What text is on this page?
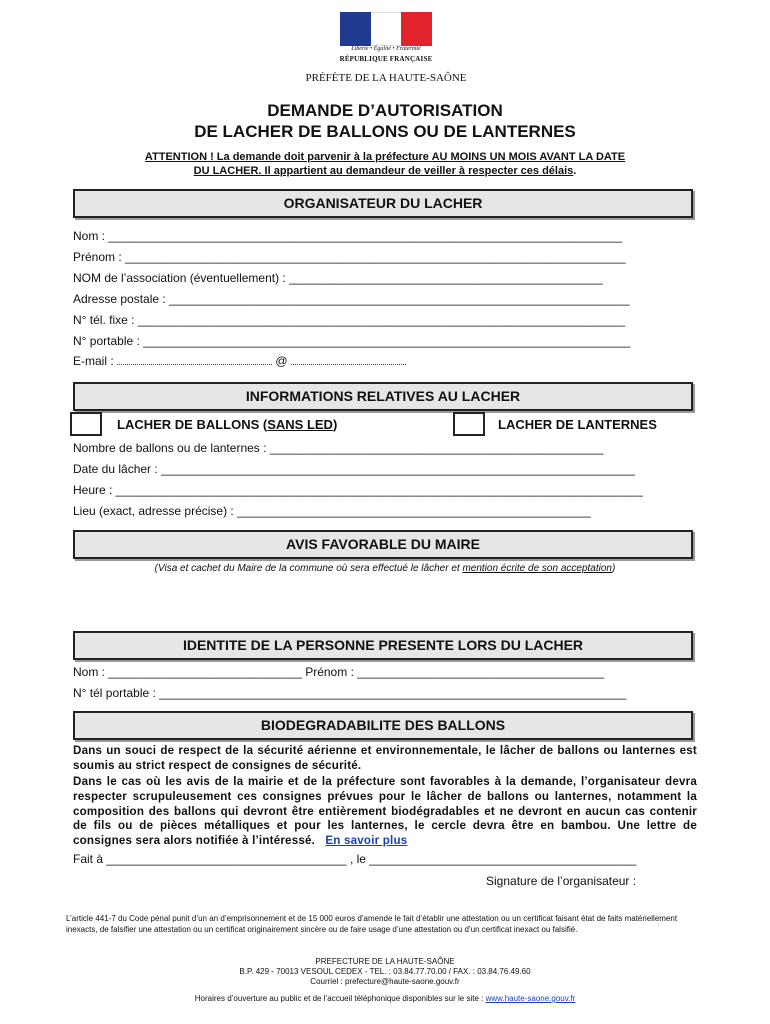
Liberté • Égalité • Fraternité
RÉPUBLIQUE FRANÇAISE
PRÉFÈTE DE LA HAUTE-SAÔNE
DEMANDE D’AUTORISATION
DE LACHER DE BALLONS OU DE LANTERNES
ATTENTION ! La demande doit parvenir à la préfecture AU MOINS UN MOIS AVANT LA DATE
DU LACHER. Il appartient au demandeur de veiller à respecter ces délais.
ORGANISATEUR DU LACHER
Nom : _____________________________________________________________________________
Prénom : ___________________________________________________________________________
NOM de l’association (éventuellement) : _______________________________________________
Adresse postale : _____________________________________________________________________
N° tél. fixe : _________________________________________________________________________
N° portable : _________________________________________________________________________
E-mail :	@
INFORMATIONS RELATIVES AU LACHER
LACHER DE BALLONS (SANS LED)	LACHER DE LANTERNES
Nombre de ballons ou de lanternes : __________________________________________________
Date du lâcher : _______________________________________________________________________
Heure : _______________________________________________________________________________
Lieu (exact, adresse précise) : _____________________________________________________
AVIS FAVORABLE DU MAIRE
(Visa et cachet du Maire de la commune où sera effectué le lâcher et mention écrite de son acceptation)
IDENTITE DE LA PERSONNE PRESENTE LORS DU LACHER
Nom : _____________________________ Prénom : _____________________________________
N° tél portable : ______________________________________________________________________
BIODEGRADABILITE DES BALLONS
Dans un souci de respect de la sécurité aérienne et environnementale, le lâcher de ballons ou lanternes est soumis au strict respect de consignes de sécurité.
Dans le cas où les avis de la mairie et de la préfecture sont favorables à la demande, l’organisateur devra respecter scrupuleusement ces consignes prévues pour le lâcher de ballons ou lanternes, notamment la composition des ballons qui devront être entièrement biodégradables et ne devront en aucun cas contenir de fils ou de pièces métalliques et pour les lanternes, le cercle devra être en bambou. Une lettre de consignes sera alors notifiée à l’intéressé. En savoir plus
Fait à ____________________________________ , le ________________________________________
Signature de l’organisateur :
L’article 441-7 du Code pénal punit d’un an d’emprisonnement et de 15 000 euros d’amende le fait d’établir une attestation ou un certificat faisant état de faits matériellement inexacts, de falsifier une attestation ou un certificat originairement sincère ou de faire usage d’une attestation ou d’un certificat inexact ou falsifié.
PREFECTURE DE LA HAUTE-SAÔNE
B.P. 429 - 70013 VESOUL CEDEX - TEL. : 03.84.77.70.00 / FAX. : 03.84.76.49.60
Courriel : prefecture@haute-saone.gouv.fr
Horaires d’ouverture au public et de l’accueil téléphonique disponibles sur le site : www.haute-saone.gouv.fr
